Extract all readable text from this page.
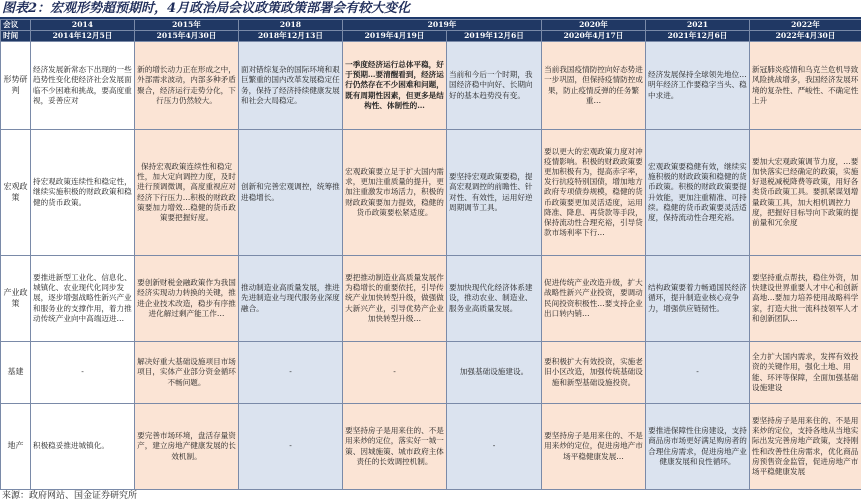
图表2：宏观形势超预期时，4月政治局会议政策政策部署会有较大变化
会议	2014	2015年	2018	2019年		2020年	2021	2022年
时间	2014年12月5日	2015年4月30日	2018年12月13日	2019年4月19日	2019年12月6日	2020年4月17日	2021年12月6日	2022年4月30日
形势研判	经济发展新常态下出现的一些趋势性变化使经济社会发展面临不少困难和挑战，要高度重视，妥善应对	新的增长动力正在形成之中，外部需求波动，内部多种矛盾聚合，经济运行走势分化，下行压力仍然较大。	面对错综复杂的国际环境和艰巨繁重的国内改革发展稳定任务，保持了经济持续健康发展和社会大局稳定。	一季度经济运行总体平稳，好于预期…要清醒看到，经济运行仍然存在不少困难和问题，既有周期性因素，但更多是结构性、体制性的…	当前和今后一个时期，我国经济稳中向好、长期向好的基本趋势没有变。	当前我国疫情防控向好态势进一步巩固，但保持疫情防控成果，防止疫情反弹的任务繁重…	经济发展保持全球领先地位…明年经济工作要稳字当头、稳中求进。	新冠肺炎疫情和乌克兰危机导致风险挑战增多，我国经济发展环境的复杂性、严峻性、不确定性上升
宏观政策	持宏观政策连续性和稳定性，继续实施积极的财政政策和稳健的货币政策。	保持宏观政策连续性和稳定性，加大定向调控力度，及时进行预调微调，高度重视应对经济下行压力…积极的财政政策要加力增效…稳健的货币政策要把握好度。	创新和完善宏观调控，统筹推进稳增长。	宏观政策要立足于扩大国内需求，更加注重质量的提升，更加注重激发市场活力，积极的财政政策要加力提效，稳健的货币政策要松紧适度。	要坚持宏观政策要稳，提高宏观调控的前瞻性、针对性、有效性，运用好逆周期调节工具。	要以更大的宏观政策力度对冲疫情影响。积极的财政政策要更加积极有为，提高赤字率，发行抗疫特别国债，增加地方政府专项债券规模，稳健的货币政策要更加灵活适度，运用降准、降息、再贷款等手段，保持流动性合理充裕，引导贷款市场利率下行…	宏观政策要稳健有效，继续实施积极的财政政策和稳健的货币政策。积极的财政政策要提升效能，更加注重精准、可持续。稳健的货币政策要灵活适度，保持流动性合理充裕。	要加大宏观政策调节力度，…要加快落实已经确定的政策，实施好退税减税降费等政策，用好各类货币政策工具。要抓紧谋划增量政策工具，加大相机调控力度，把握好目标导向下政策的提前量和冗余度
产业政策	要推进新型工业化、信息化、城镇化、农业现代化同步发展，逐步增强战略性新兴产业和服务业的支撑作用，着力推动传统产业向中高端迈进…	要创新财税金融政策作为我国经济实现动力转换的关键，推进企业技术改造，稳步有序推进化解过剩产能工作…	推动制造业高质量发展，推进先进制造业与现代服务业深度融合。	要把推动制造业高质量发展作为稳增长的重要依托，引导传统产业加快转型升级，做强做大新兴产业，引导优势产企业加快转型升级…	要加快现代化经济体系建设，推动农业、制造业、服务业高质量发展。	促进传统产业改造升级，扩大战略性新兴产业投资，要调动民间投资积极性…要支持企业出口转内销…	结构政策要着力畅通国民经济循环，提升制造业核心竞争力，增强供应链韧性。	要坚持重点帮扶，稳住外资，加快建设世界重要人才中心和创新高地…要加力培养使用战略科学家，打造大批一流科技领军人才和创新团队…
基建	-	解决好重大基础设施项目市场项目，实体产业部分资金循环不畅问题。	-	-	加强基础设施建设。	要积极扩大有效投资，实施老旧小区改造，加强传统基础设施和新型基础设施投资。	-	全力扩大国内需求，发挥有效投资的关键作用，强化土地、用能、环评等保障，全面加强基础设施建设
地产	积极稳妥推进城镇化。	要完善市场环境，盘活存量资产，建立房地产健康发展的长效机制。	-	要坚持房子是用来住的、不是用来炒的定位，落实好一城一策、因城施策、城市政府主体责任的长效调控机制。	-	要坚持房子是用来住的、不是用来炒的定位，促进房地产市场平稳健康发展…	要推进保障性住房建设，支持商品房市场更好满足购房者的合理住房需求，促进房地产业健康发展和良性循环。	要坚持房子是用来住的、不是用来炒的定位，支持各地从当地实际出发完善房地产政策，支持刚性和改善性住房需求，优化商品房预售资金监管，促进房地产市场平稳健康发展
来源：政府网站、国金证券研究所
